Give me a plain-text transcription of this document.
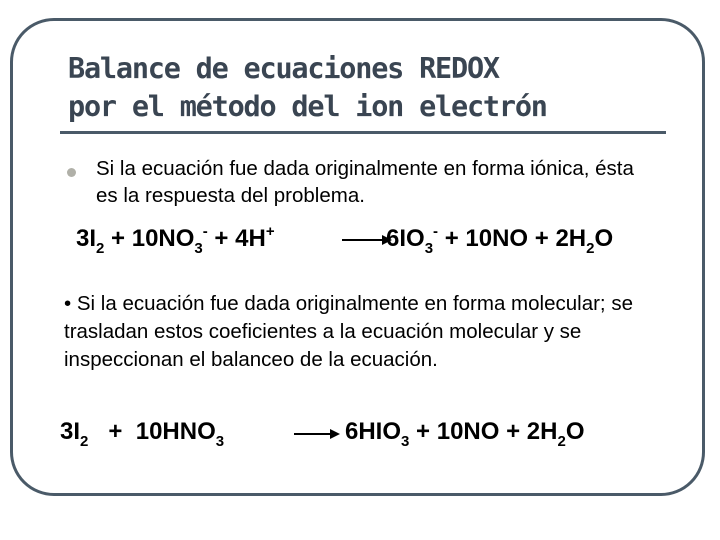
Balance de ecuaciones REDOX
por el método del ion electrón

Si la ecuación fue dada originalmente en forma iónica, ésta es la respuesta del problema.

$3I_2 + 10NO_3^- + 4H^+$	$6IO_3^- + 10NO + 2H_2O$

• Si la ecuación fue dada originalmente en forma molecular; se trasladan estos coeficientes a la ecuación molecular y se inspeccionan el balanceo de la ecuación.

$3I_2 + 10HNO_3$	→ $6HIO_3 + 10NO + 2H_2O$
